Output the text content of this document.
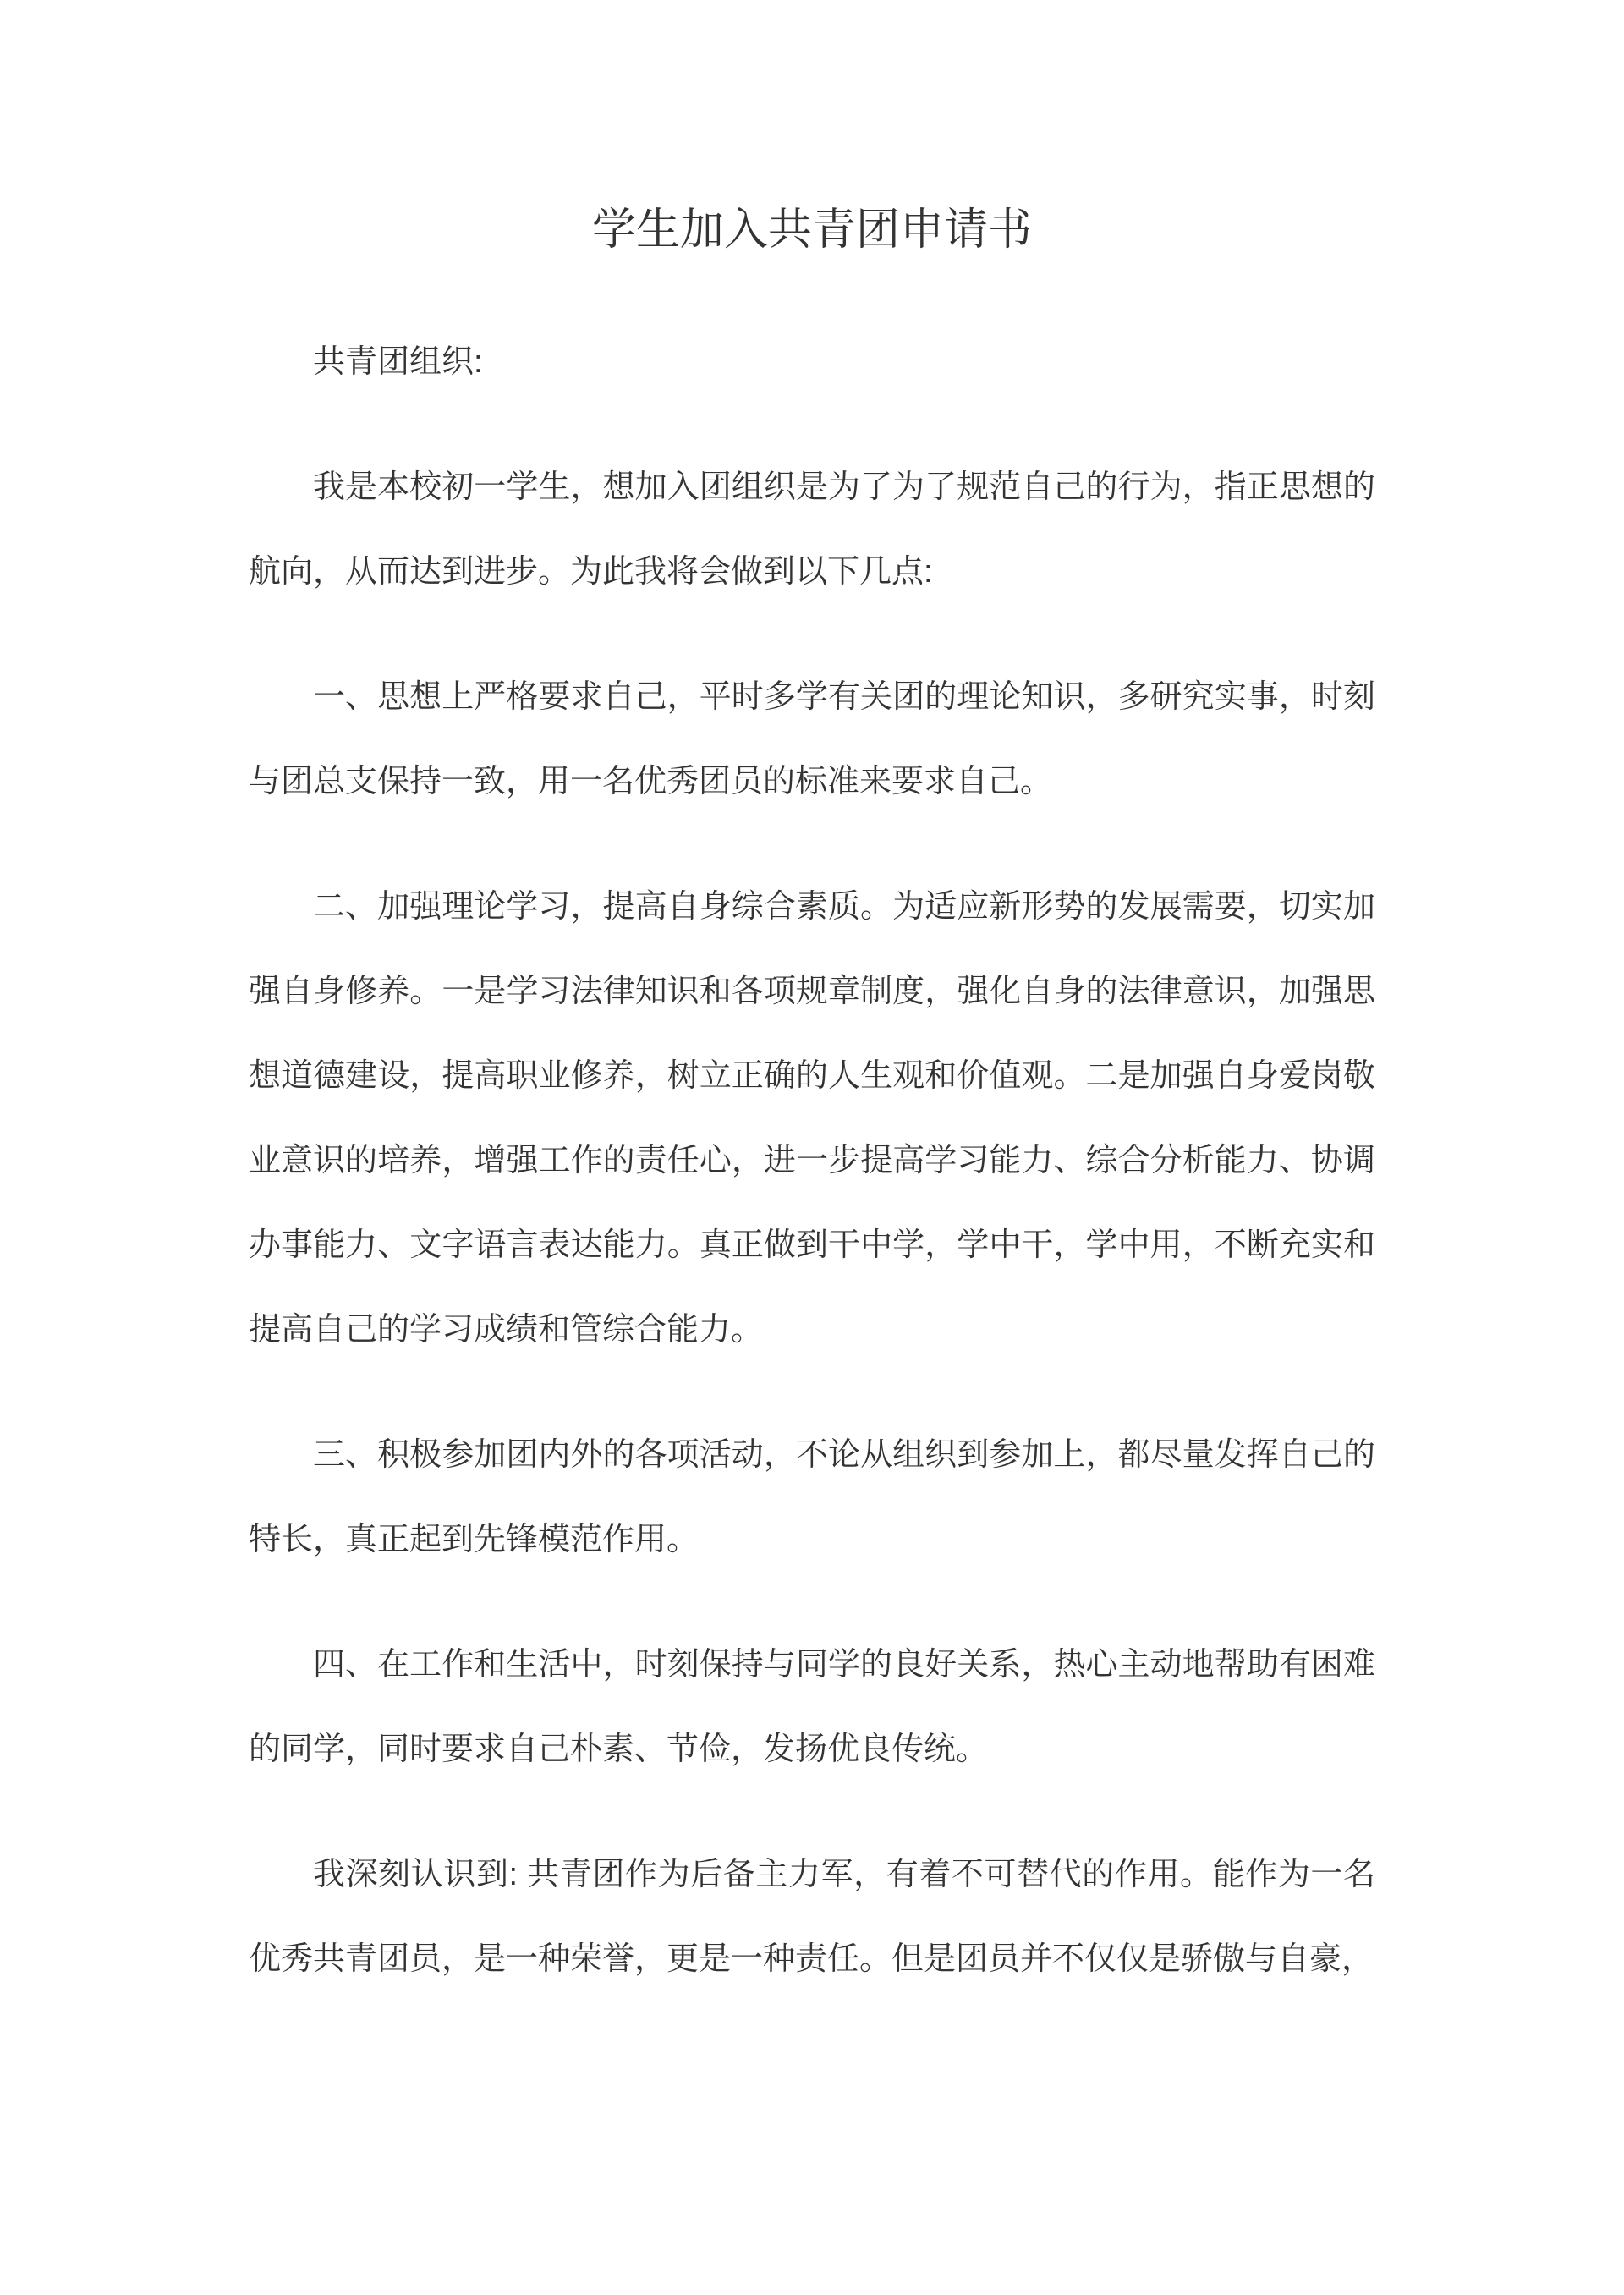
学生加入共青团申请书

共青团组织:

我是本校初一学生，想加入团组织是为了为了规范自己的行为，指正思想的航向，从而达到进步。为此我将会做到以下几点:

一、思想上严格要求自己，平时多学有关团的理论知识，多研究实事，时刻与团总支保持一致，用一名优秀团员的标准来要求自己。

二、加强理论学习，提高自身综合素质。为适应新形势的发展需要，切实加强自身修养。一是学习法律知识和各项规章制度，强化自身的法律意识，加强思想道德建设，提高职业修养，树立正确的人生观和价值观。二是加强自身爱岗敬业意识的培养，增强工作的责任心，进一步提高学习能力、综合分析能力、协调办事能力、文字语言表达能力。真正做到干中学，学中干，学中用，不断充实和提高自己的学习成绩和管综合能力。

三、积极参加团内外的各项活动，不论从组织到参加上，都尽量发挥自己的特长，真正起到先锋模范作用。

四、在工作和生活中，时刻保持与同学的良好关系，热心主动地帮助有困难的同学，同时要求自己朴素、节俭，发扬优良传统。

我深刻认识到: 共青团作为后备主力军，有着不可替代的作用。能作为一名优秀共青团员，是一种荣誉，更是一种责任。但是团员并不仅仅是骄傲与自豪，
